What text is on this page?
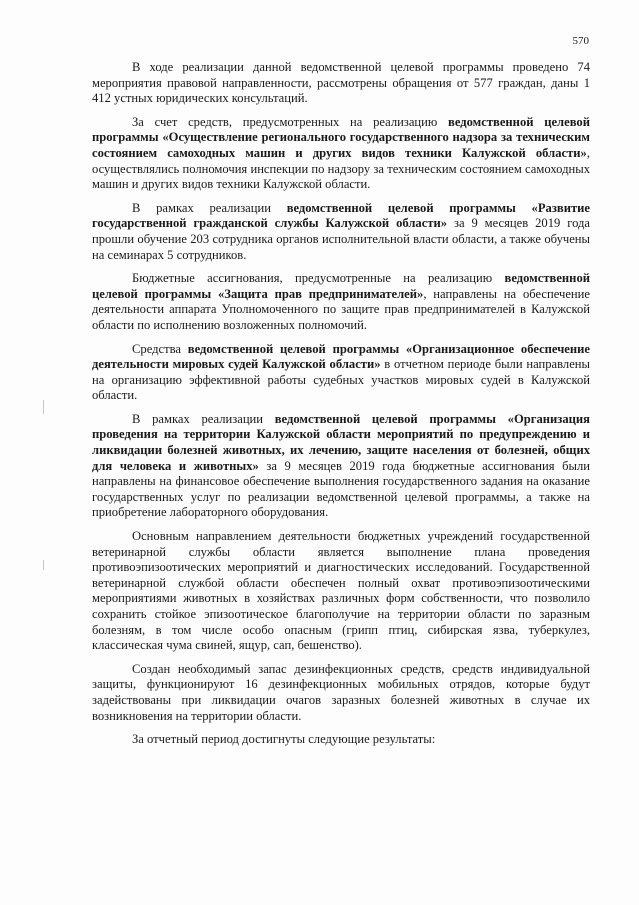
570

В ходе реализации данной ведомственной целевой программы проведено 74 мероприятия правовой направленности, рассмотрены обращения от 577 граждан, даны 1 412 устных юридических консультаций.

За счет средств, предусмотренных на реализацию ведомственной целевой программы «Осуществление регионального государственного надзора за техническим состоянием самоходных машин и других видов техники Калужской области», осуществлялись полномочия инспекции по надзору за техническим состоянием самоходных машин и других видов техники Калужской области.

В рамках реализации ведомственной целевой программы «Развитие государственной гражданской службы Калужской области» за 9 месяцев 2019 года прошли обучение 203 сотрудника органов исполнительной власти области, а также обучены на семинарах 5 сотрудников.

Бюджетные ассигнования, предусмотренные на реализацию ведомственной целевой программы «Защита прав предпринимателей», направлены на обеспечение деятельности аппарата Уполномоченного по защите прав предпринимателей в Калужской области по исполнению возложенных полномочий.

Средства ведомственной целевой программы «Организационное обеспечение деятельности мировых судей Калужской области» в отчетном периоде были направлены на организацию эффективной работы судебных участков мировых судей в Калужской области.

В рамках реализации ведомственной целевой программы «Организация проведения на территории Калужской области мероприятий по предупреждению и ликвидации болезней животных, их лечению, защите населения от болезней, общих для человека и животных» за 9 месяцев 2019 года бюджетные ассигнования были направлены на финансовое обеспечение выполнения государственного задания на оказание государственных услуг по реализации ведомственной целевой программы, а также на приобретение лабораторного оборудования.

Основным направлением деятельности бюджетных учреждений государственной ветеринарной службы области является выполнение плана проведения противоэпизоотических мероприятий и диагностических исследований. Государственной ветеринарной службой области обеспечен полный охват противоэпизоотическими мероприятиями животных в хозяйствах различных форм собственности, что позволило сохранить стойкое эпизоотическое благополучие на территории области по заразным болезням, в том числе особо опасным (грипп птиц, сибирская язва, туберкулез, классическая чума свиней, ящур, сап, бешенство).

Создан необходимый запас дезинфекционных средств, средств индивидуальной защиты, функционируют 16 дезинфекционных мобильных отрядов, которые будут задействованы при ликвидации очагов заразных болезней животных в случае их возникновения на территории области.

За отчетный период достигнуты следующие результаты:
